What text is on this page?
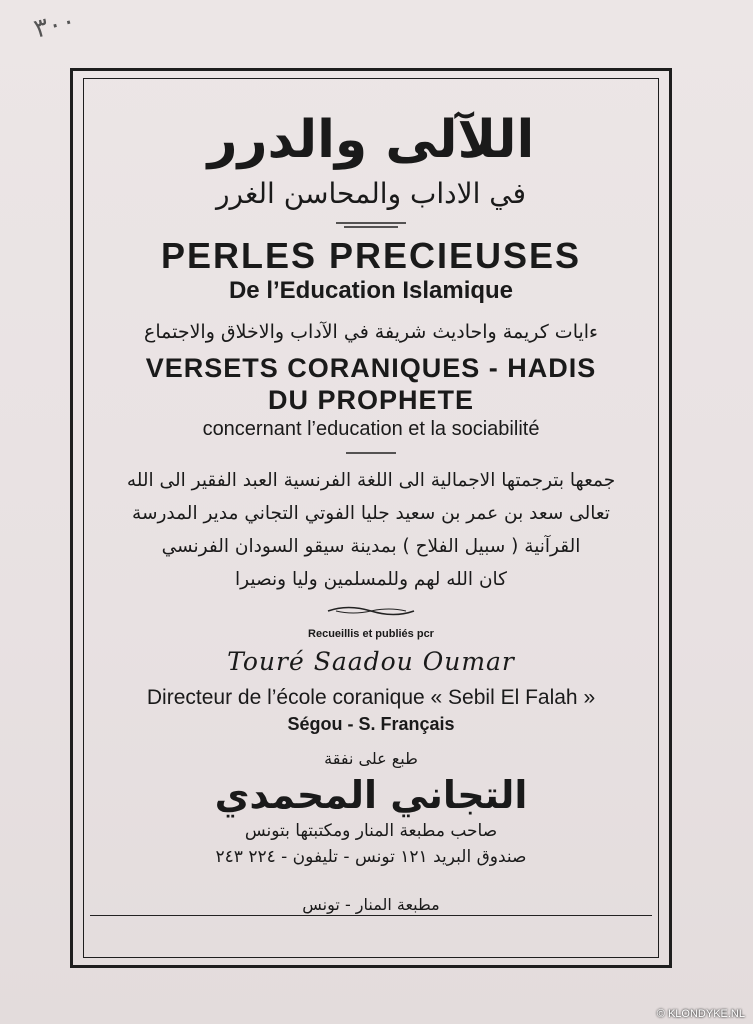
٣٠٠
اللآلى والدرر
في الاداب والمحاسن الغرر
PERLES PRECIEUSES
De l’Education Islamique
ءايات كريمة واحاديث شريفة في الآداب والاخلاق والاجتماع
VERSETS CORANIQUES - HADIS
DU PROPHETE
concernant l’education et la sociabilité
جمعها بترجمتها الاجمالية الى اللغة الفرنسية العبد الفقير الى الله
تعالى سعد بن عمر بن سعيد جليا الفوتي التجاني مدير المدرسة
القرآنية ( سبيل الفلاح ) بمدينة سيقو السودان الفرنسي
كان الله لهم وللمسلمين وليا ونصيرا
Recueillis et publiés pcr
Touré Saadou Oumar
Directeur de l’école coranique « Sebil El Falah »
Ségou - S. Français
طبع على نفقة
التجاني المحمدي
صاحب مطبعة المنار ومكتبتها بتونس
صندوق البريد ١٢١ تونس - تليفون - ٢٢٤ ٢٤٣
مطبعة المنار - تونس
© KLONDYKE.NL
